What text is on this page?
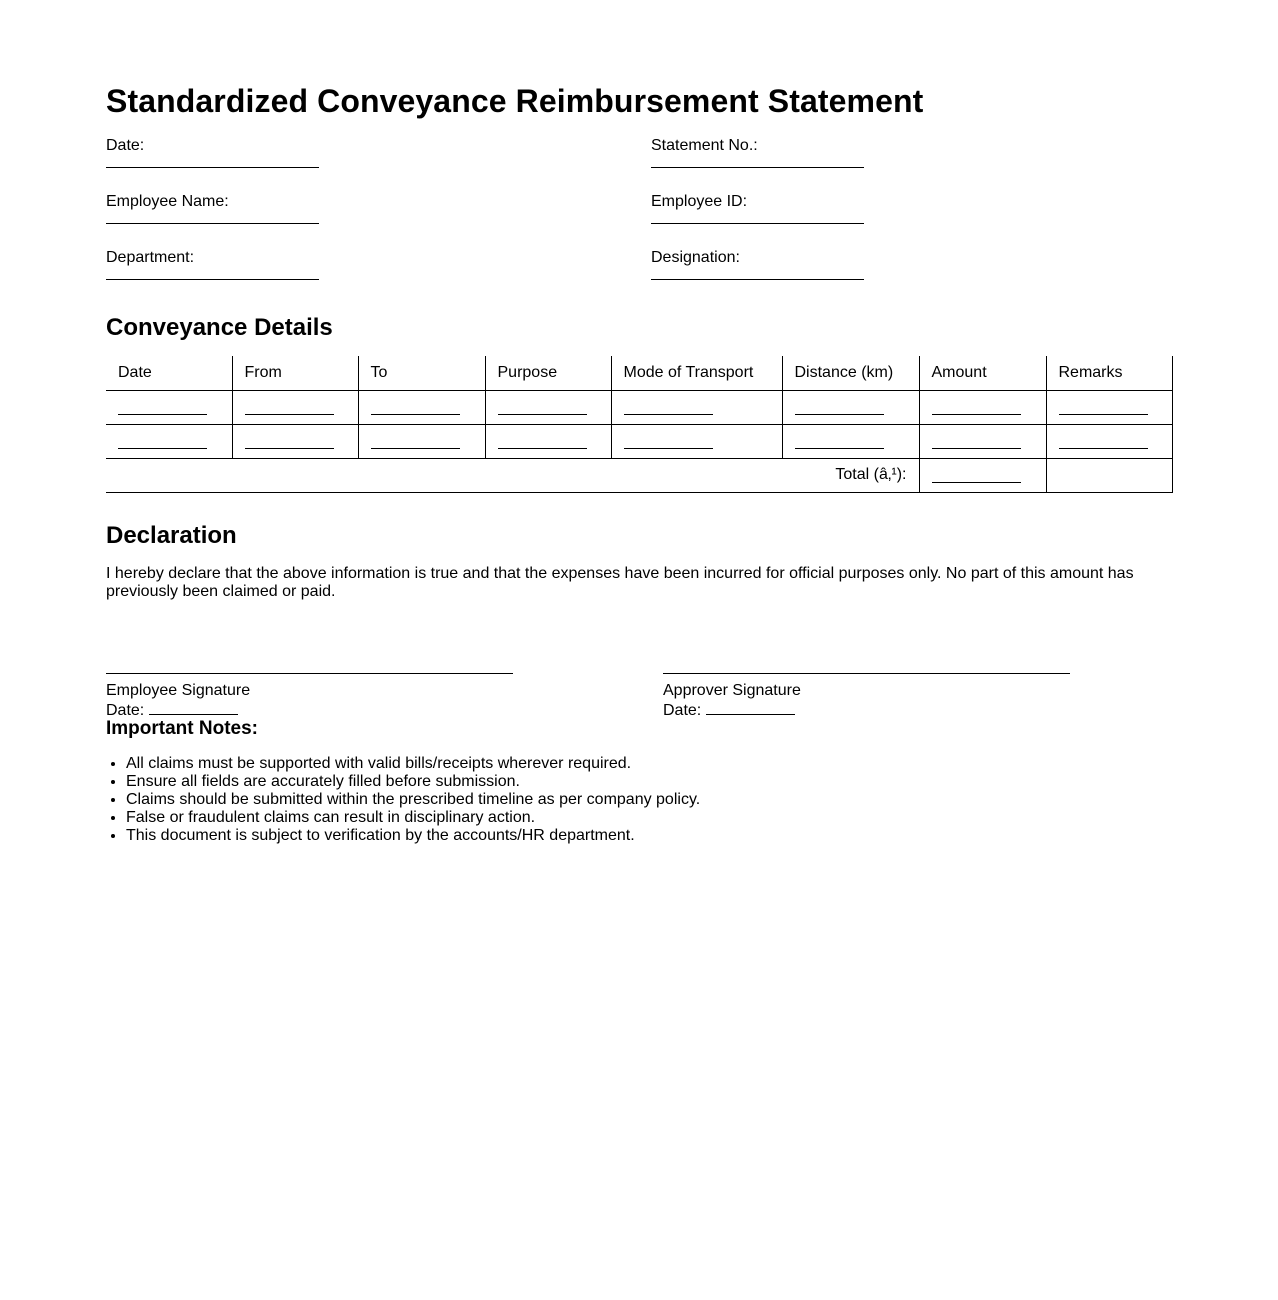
Standardized Conveyance Reimbursement Statement
Date:	Statement No.:
Employee Name:	Employee ID:
Department:	Designation:
Conveyance Details
Date	From	To	Purpose	Mode of Transport	Distance (km)	Amount	Remarks

Total (â‚¹):							
Declaration
I hereby declare that the above information is true and that the expenses have been incurred for official purposes only. No part of this amount has previously been claimed or paid.
Employee Signature
Date:
Approver Signature
Date:
Important Notes:
• All claims must be supported with valid bills/receipts wherever required.
• Ensure all fields are accurately filled before submission.
• Claims should be submitted within the prescribed timeline as per company policy.
• False or fraudulent claims can result in disciplinary action.
• This document is subject to verification by the accounts/HR department.
